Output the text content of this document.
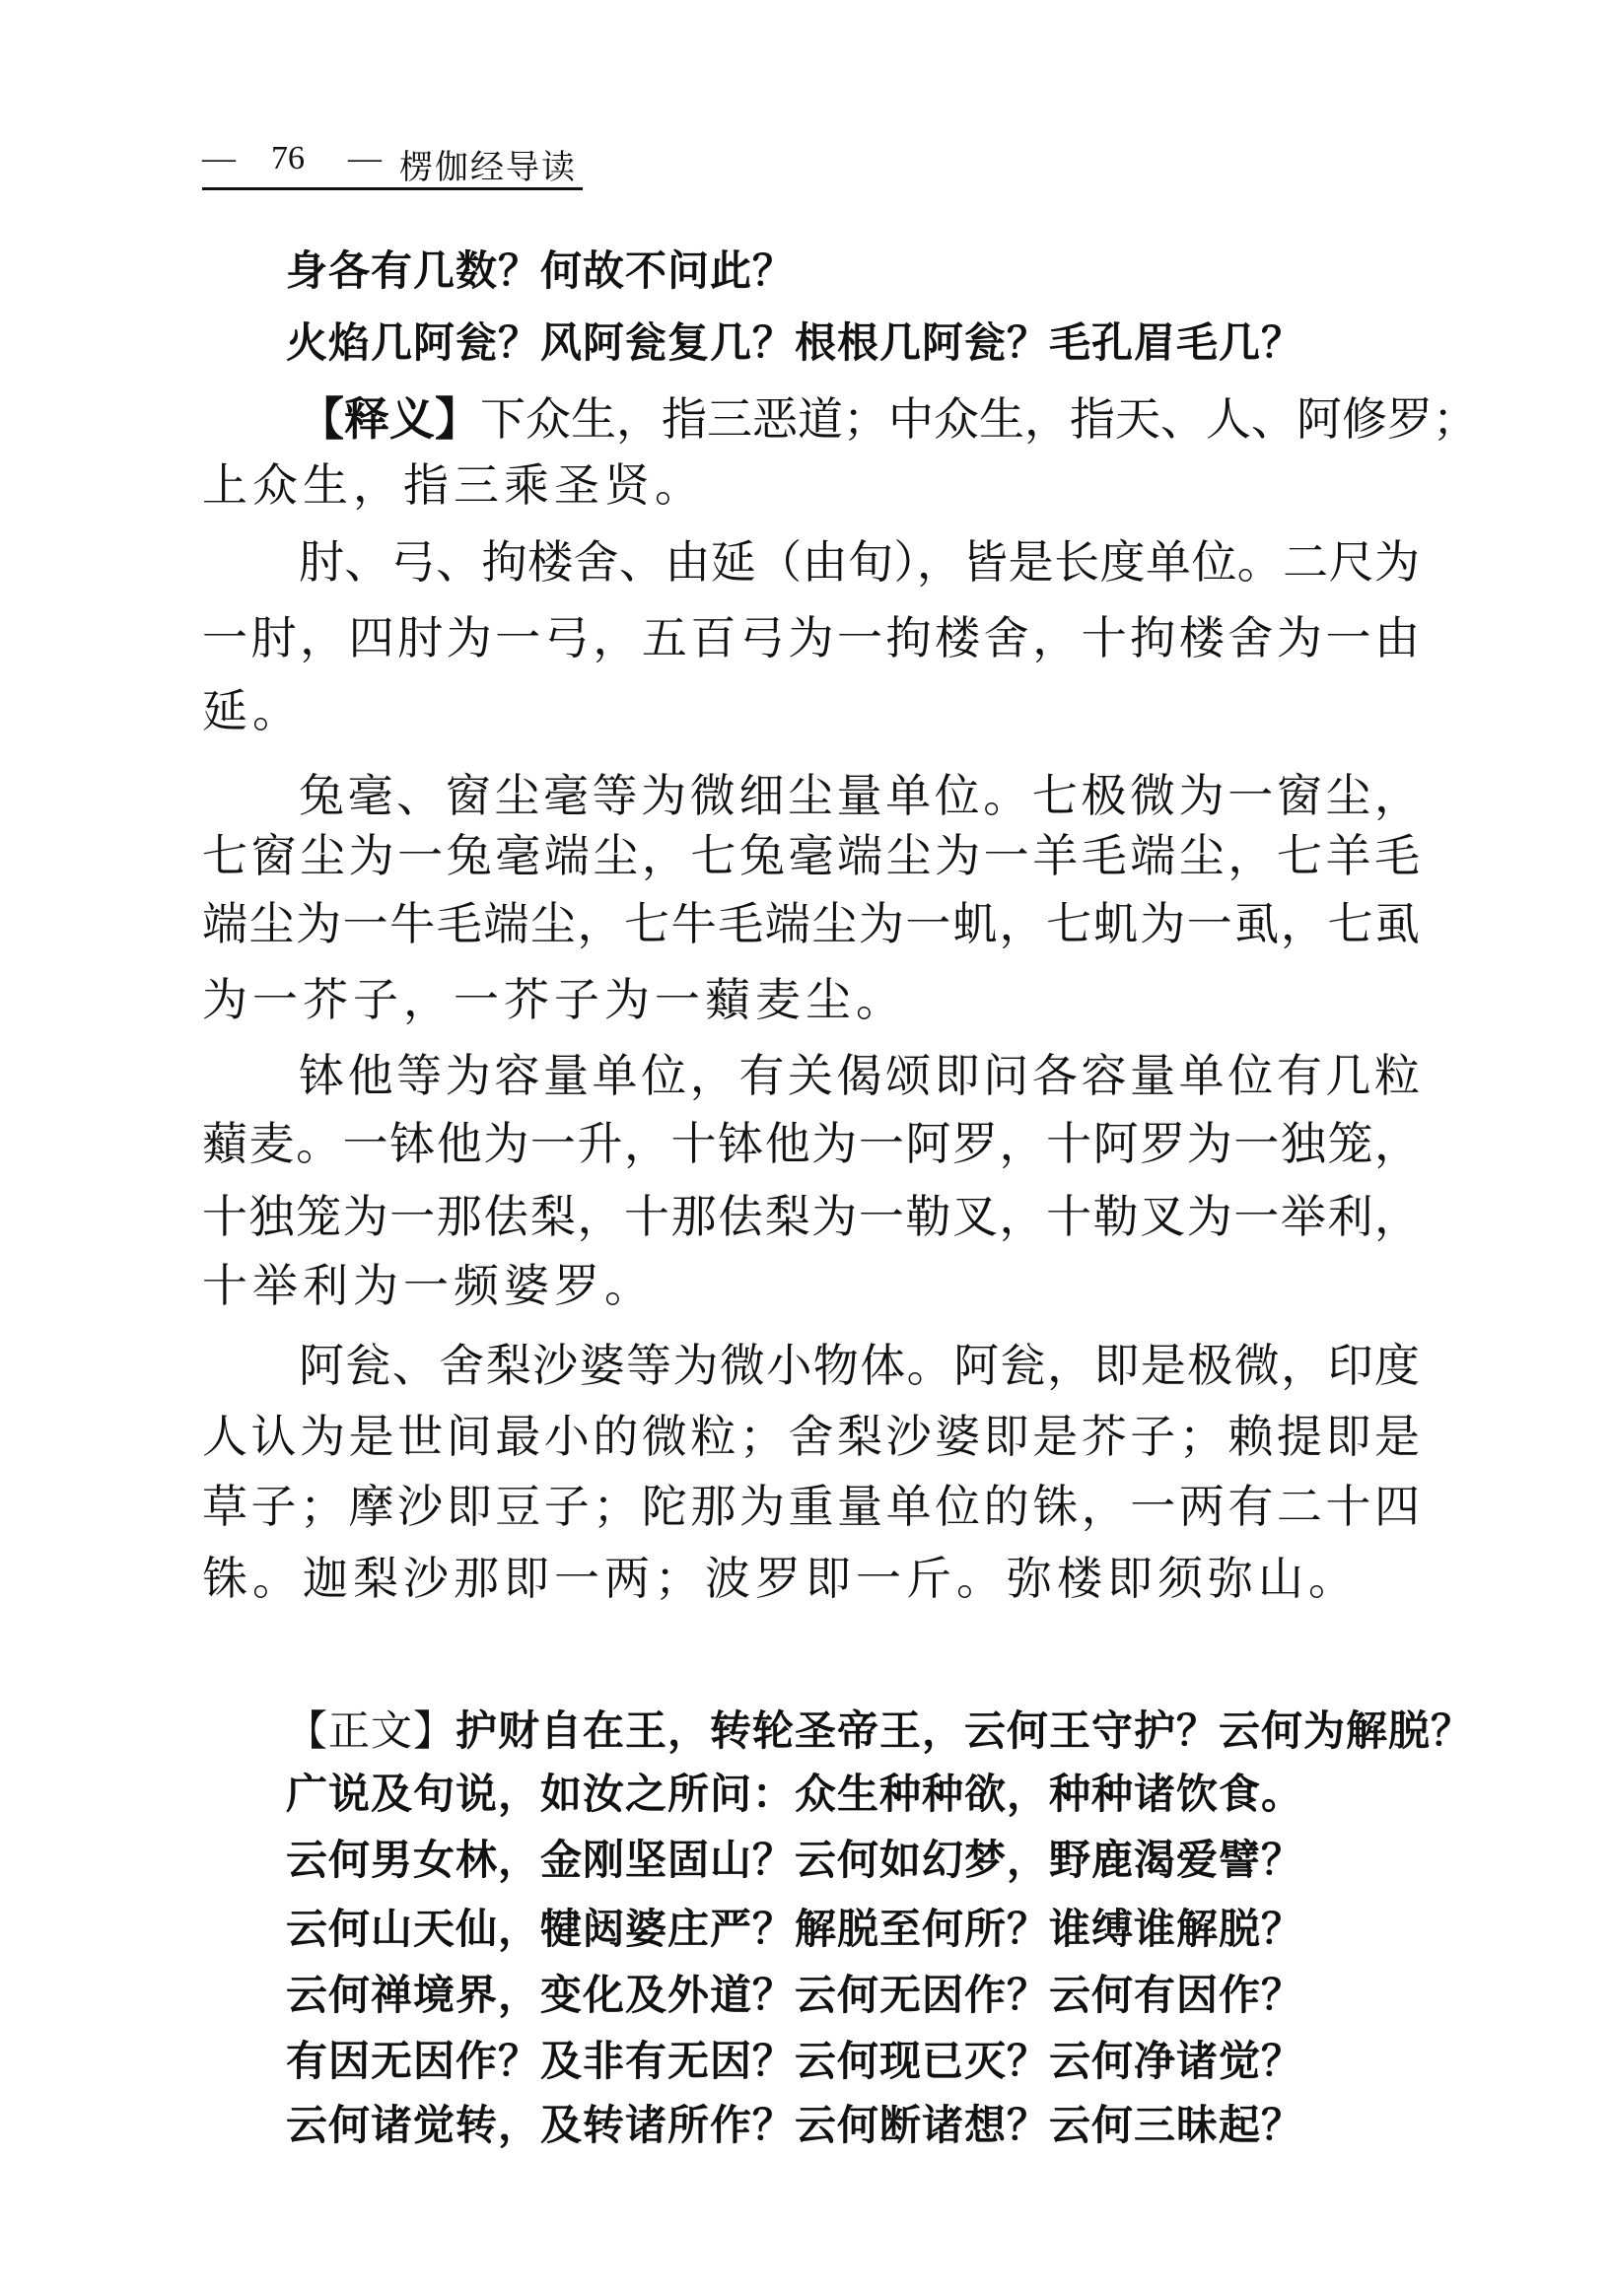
— 76 — 楞伽经导读
身各有几数？何故不问此？
火焰几阿瓮？风阿瓮复几？根根几阿瓮？毛孔眉毛几？
【释义】下众生，指三恶道；中众生，指天、人、阿修罗；
上众生，指三乘圣贤。
肘、弓、拘楼舍、由延（由旬），皆是长度单位。二尺为
一肘，四肘为一弓，五百弓为一拘楼舍，十拘楼舍为一由
延。
兔毫、窗尘毫等为微细尘量单位。七极微为一窗尘，
七窗尘为一兔毫端尘，七兔毫端尘为一羊毛端尘，七羊毛
端尘为一牛毛端尘，七牛毛端尘为一虮，七虮为一虱，七虱
为一芥子，一芥子为一蘱麦尘。
钵他等为容量单位，有关偈颂即问各容量单位有几粒
蘱麦。一钵他为一升，十钵他为一阿罗，十阿罗为一独笼，
十独笼为一那佉梨，十那佉梨为一勒叉，十勒叉为一举利，
十举利为一频婆罗。
阿瓮、舍梨沙婆等为微小物体。阿瓮，即是极微，印度
人认为是世间最小的微粒；舍梨沙婆即是芥子；赖提即是
草子；摩沙即豆子；陀那为重量单位的铢，一两有二十四
铢。迦梨沙那即一两；波罗即一斤。弥楼即须弥山。
【正文】护财自在王，转轮圣帝王，云何王守护？云何为解脱？
广说及句说，如汝之所问：众生种种欲，种种诸饮食。
云何男女林，金刚坚固山？云何如幻梦，野鹿渴爱譬？
云何山天仙，犍闼婆庄严？解脱至何所？谁缚谁解脱？
云何禅境界，变化及外道？云何无因作？云何有因作？
有因无因作？及非有无因？云何现已灭？云何净诸觉？
云何诸觉转，及转诸所作？云何断诸想？云何三昧起？
